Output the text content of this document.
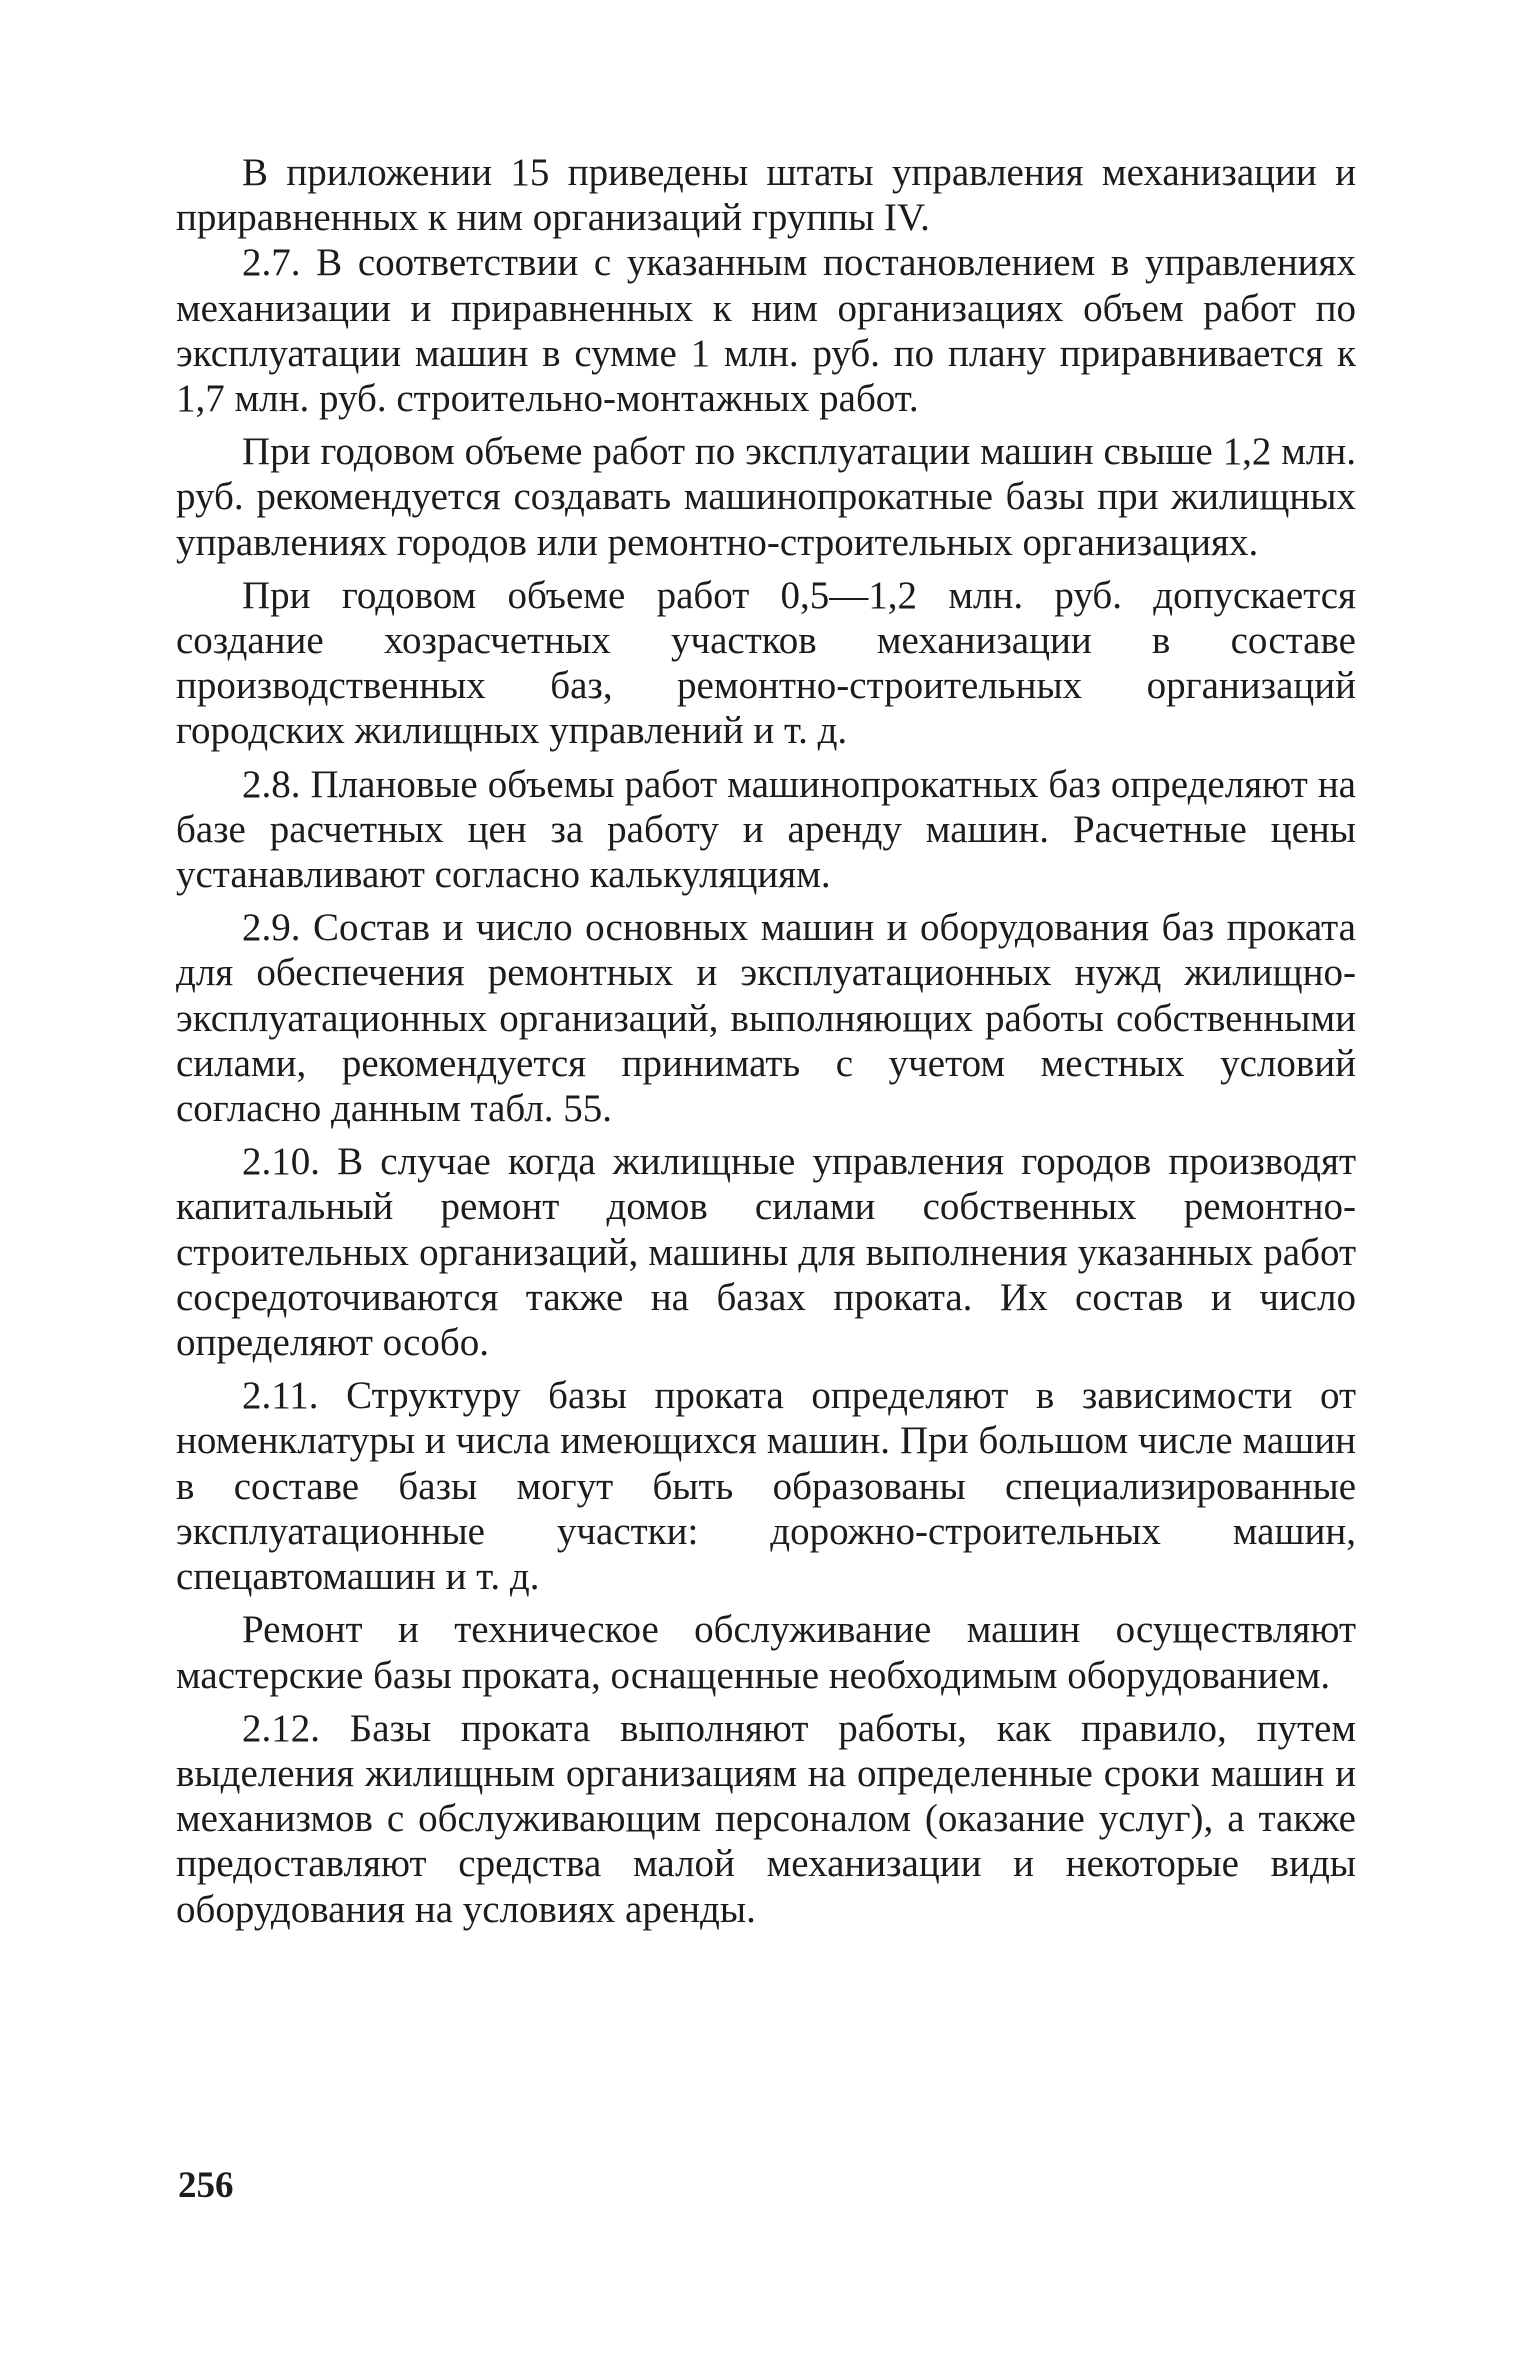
В приложении 15 приведены штаты управления механизации и приравненных к ним организаций группы IV.

2.7. В соответствии с указанным постановлением в управлениях механизации и приравненных к ним организациях объем работ по эксплуатации машин в сумме 1 млн. руб. по плану приравнивается к 1,7 млн. руб. строительно-монтажных работ.

При годовом объеме работ по эксплуатации машин свыше 1,2 млн. руб. рекомендуется создавать машинопрокатные базы при жилищных управлениях городов или ремонтно-строительных организациях.

При годовом объеме работ 0,5—1,2 млн. руб. допускается создание хозрасчетных участков механизации в составе производственных баз, ремонтно-строительных организаций городских жилищных управлений и т. д.

2.8. Плановые объемы работ машинопрокатных баз определяют на базе расчетных цен за работу и аренду машин. Расчетные цены устанавливают согласно калькуляциям.

2.9. Состав и число основных машин и оборудования баз проката для обеспечения ремонтных и эксплуатационных нужд жилищно-эксплуатационных организаций, выполняющих работы собственными силами, рекомендуется принимать с учетом местных условий согласно данным табл. 55.

2.10. В случае когда жилищные управления городов производят капитальный ремонт домов силами собственных ремонтно-строительных организаций, машины для выполнения указанных работ сосредоточиваются также на базах проката. Их состав и число определяют особо.

2.11. Структуру базы проката определяют в зависимости от номенклатуры и числа имеющихся машин. При большом числе машин в составе базы могут быть образованы специализированные эксплуатационные участки: дорожно-строительных машин, спецавтомашин и т. д.

Ремонт и техническое обслуживание машин осуществляют мастерские базы проката, оснащенные необходимым оборудованием.

2.12. Базы проката выполняют работы, как правило, путем выделения жилищным организациям на определенные сроки машин и механизмов с обслуживающим персоналом (оказание услуг), а также предоставляют средства малой механизации и некоторые виды оборудования на условиях аренды.

256
